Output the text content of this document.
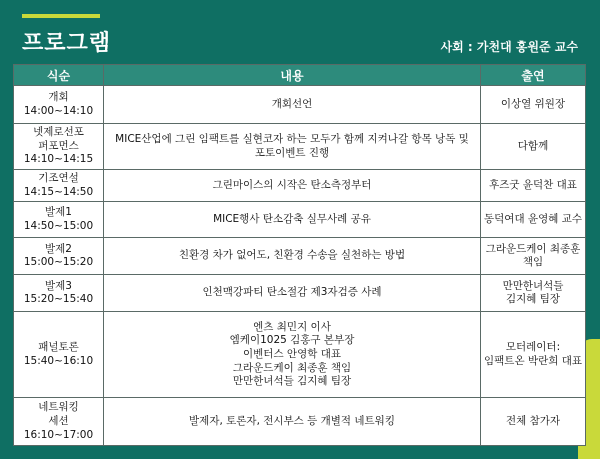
프로그램	사회 : 가천대 홍원준 교수
식순	내용	출연

개회
14:00~14:10	개회선언	이상열 위원장

넷제로선포
퍼포먼스
14:10~14:15	MICE산업에 그린 임팩트를 실현코자 하는 모두가 함께 지켜나갈 항목 낭독 및
포토이벤트 진행	다함께

기조연설
14:15~14:50	그린마이스의 시작은 탄소측정부터	후즈굿 윤덕찬 대표

발제1
14:50~15:00	MICE행사 탄소감축 실무사례 공유	동덕여대 윤영혜 교수

발제2
15:00~15:20	친환경 차가 없어도, 친환경 수송을 실천하는 방법	그라운드케이 최종훈 책임

발제3
15:20~15:40	인천맥강파티 탄소절감 제3자검증 사례	만만한녀석들
김지혜 팀장

패널토론
15:40~16:10	엔츠 최민지 이사
엠케이1025 김홍구 본부장
이벤터스 안영학 대표
그라운드케이 최종훈 책임
만만한녀석들 김지혜 팀장	모터레이터:
임팩트온 박란희 대표

네트워킹
세션
16:10~17:00	발제자, 토론자, 전시부스 등 개별적 네트워킹	전체 참가자
